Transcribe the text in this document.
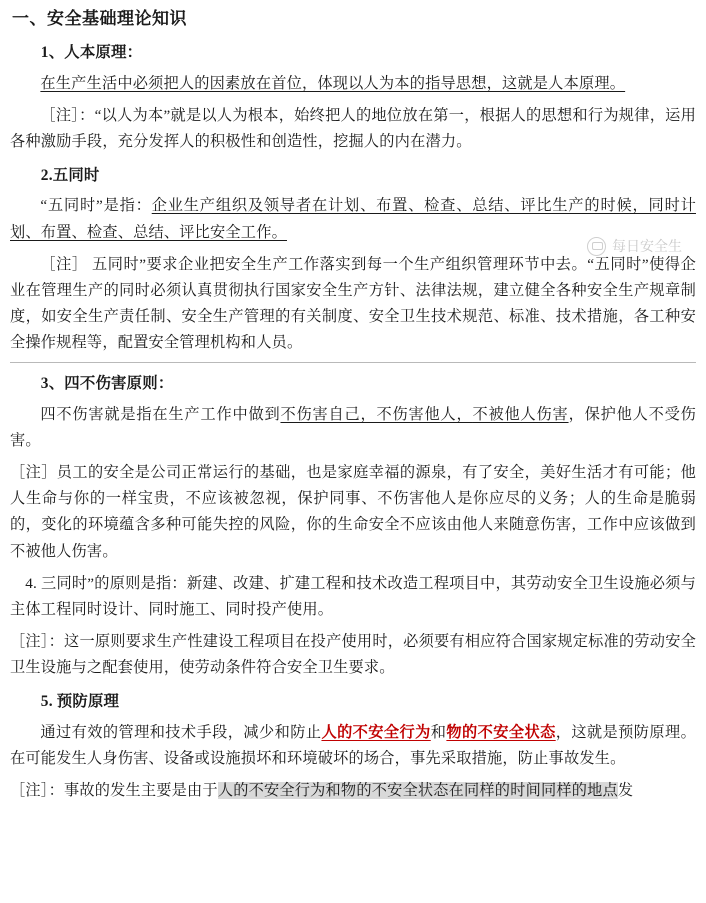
一、安全基础理论知识

1、人本原理：

在生产生活中必须把人的因素放在首位，体现以人为本的指导思想，这就是人本原理。

［注］：“以人为本”就是以人为根本，始终把人的地位放在第一，根据人的思想和行为规律，运用各种激励手段，充分发挥人的积极性和创造性，挖掘人的内在潜力。

2.五同时

“五同时”是指：企业生产组织及领导者在计划、布置、检查、总结、评比生产的时候，同时计划、布置、检查、总结、评比安全工作。

［注］ 五同时”要求企业把安全生产工作落实到每一个生产组织管理环节中去。“五同时”使得企业在管理生产的同时必须认真贯彻执行国家安全生产方针、法律法规，建立健全各种安全生产规章制度，如安全生产责任制、安全生产管理的有关制度、安全卫生技术规范、标准、技术措施，各工种安全操作规程等，配置安全管理机构和人员。

3、四不伤害原则：

四不伤害就是指在生产工作中做到不伤害自己，不伤害他人，不被他人伤害，保护他人不受伤害。

［注］员工的安全是公司正常运行的基础，也是家庭幸福的源泉，有了安全，美好生活才有可能；他人生命与你的一样宝贵，不应该被忽视，保护同事、不伤害他人是你应尽的义务；人的生命是脆弱的，变化的环境蕴含多种可能失控的风险，你的生命安全不应该由他人来随意伤害，工作中应该做到不被他人伤害。

4. 三同时”的原则是指：新建、改建、扩建工程和技术改造工程项目中，其劳动安全卫生设施必须与主体工程同时设计、同时施工、同时投产使用。

［注］：这一原则要求生产性建设工程项目在投产使用时，必须要有相应符合国家规定标准的劳动安全卫生设施与之配套使用，使劳动条件符合安全卫生要求。

5. 预防原理

通过有效的管理和技术手段，减少和防止人的不安全行为和物的不安全状态，这就是预防原理。在可能发生人身伤害、设备或设施损坏和环境破坏的场合，事先采取措施，防止事故发生。

［注］：事故的发生主要是由于人的不安全行为和物的不安全状态在同样的时间同样的地点发

每日安全生
